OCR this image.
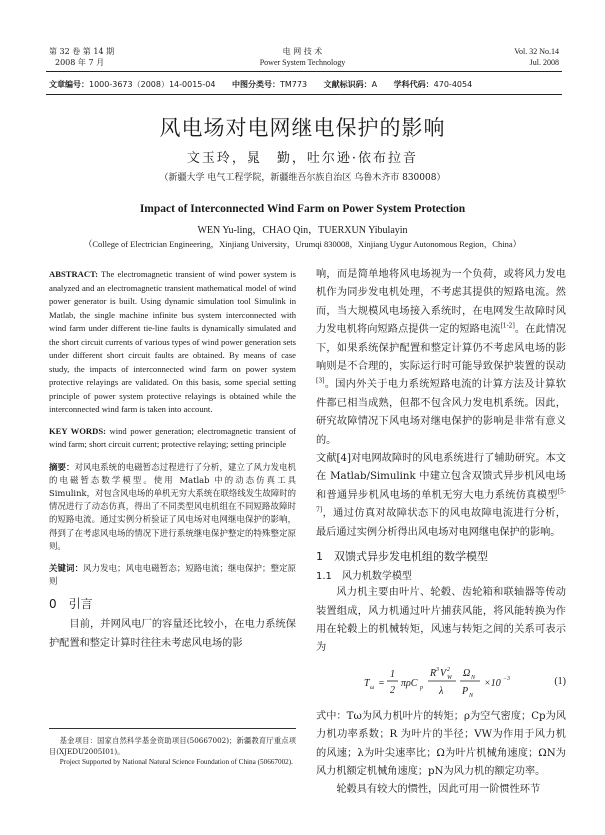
第 32 卷 第 14 期
2008 年 7 月
电 网 技 术
Power System Technology
Vol. 32 No.14
Jul. 2008
文章编号：1000-3673（2008）14-0015-04 中图分类号：TM773 文献标识码：A 学科代码：470-4054
风电场对电网继电保护的影响
文玉玲，晁　勤，吐尔逊·依布拉音
（新疆大学 电气工程学院，新疆维吾尔族自治区 乌鲁木齐市 830008）
Impact of Interconnected Wind Farm on Power System Protection
WEN Yu-ling，CHAO Qin，TUERXUN Yibulayin
（College of Electrician Engineering，Xinjiang University，Urumqi 830008，Xinjiang Uygur Autonomous Region，China）

ABSTRACT: The electromagnetic transient of wind power system is analyzed and an electromagnetic transient mathematical model of wind power generator is built. Using dynamic simulation tool Simulink in Matlab, the single machine infinite bus system interconnected with wind farm under different tie-line faults is dynamically simulated and the short circuit currents of various types of wind power generation sets under different short circuit faults are obtained. By means of case study, the impacts of interconnected wind farm on power system protective relayings are validated. On this basis, some special setting principle of power system protective relayings is obtained while the interconnected wind farm is taken into account.

KEY WORDS: wind power generation; electromagnetic transient of wind farm; short circuit current; protective relaying; setting principle

摘要：对风电系统的电磁暂态过程进行了分析，建立了风力发电机的电磁暂态数学模型。使用 Matlab 中的动态仿真工具 Simulink，对包含风电场的单机无穷大系统在联络线发生故障时的情况进行了动态仿真，得出了不同类型风电机组在不同短路故障时的短路电流。通过实例分析验证了风电场对电网继电保护的影响，得到了在考虑风电场的情况下进行系统继电保护整定的特殊整定原则。

关键词：风力发电；风电电磁暂态；短路电流；继电保护；整定原则

0　引言

目前，并网风电厂的容量还比较小，在电力系统保护配置和整定计算时往往未考虑风电场的影

基金项目：国家自然科学基金资助项目(50667002)；新疆教育厅重点项目(XJEDU2005I01)。

Project Supported by National Natural Science Foundation of China (50667002).

响，而是简单地将风电场视为一个负荷，或将风力发电机作为同步发电机处理，不考虑其提供的短路电流。然而，当大规模风电场接入系统时，在电网发生故障时风力发电机将向短路点提供一定的短路电流[1-2]。在此情况下，如果系统保护配置和整定计算仍不考虑风电场的影响则是不合理的，实际运行时可能导致保护装置的误动[3]。国内外关于电力系统短路电流的计算方法及计算软件都已相当成熟，但都不包含风力发电机系统。因此，研究故障情况下风电场对继电保护的影响是非常有意义的。

文献[4]对电网故障时的风电系统进行了辅助研究。本文在 Matlab/Simulink 中建立包含双馈式异步机风电场和普通异步机风电场的单机无穷大电力系统仿真模型[5-7]，通过仿真对故障状态下的风电故障电流进行分析，最后通过实例分析得出风电场对电网继电保护的影响。

1　双馈式异步发电机组的数学模型
1.1　风力机数学模型

风力机主要由叶片、轮毂、齿轮箱和联轴器等传动装置组成，风力机通过叶片捕获风能，将风能转换为作用在轮毂上的机械转矩，风速与转矩之间的关系可表示为

T ω =
1
2
πρC p
R 3 V W
2
λ
Ω N
P N
×10 −3	(1)

式中：Tω为风力机叶片的转矩；ρ为空气密度；Cp为风力机功率系数；R 为叶片的半径；VW为作用于风力机的风速；λ为叶尖速率比；Ω为叶片机械角速度；ΩN为风力机额定机械角速度；pN为风力机的额定功率。

轮毂具有较大的惯性，因此可用一阶惯性环节
